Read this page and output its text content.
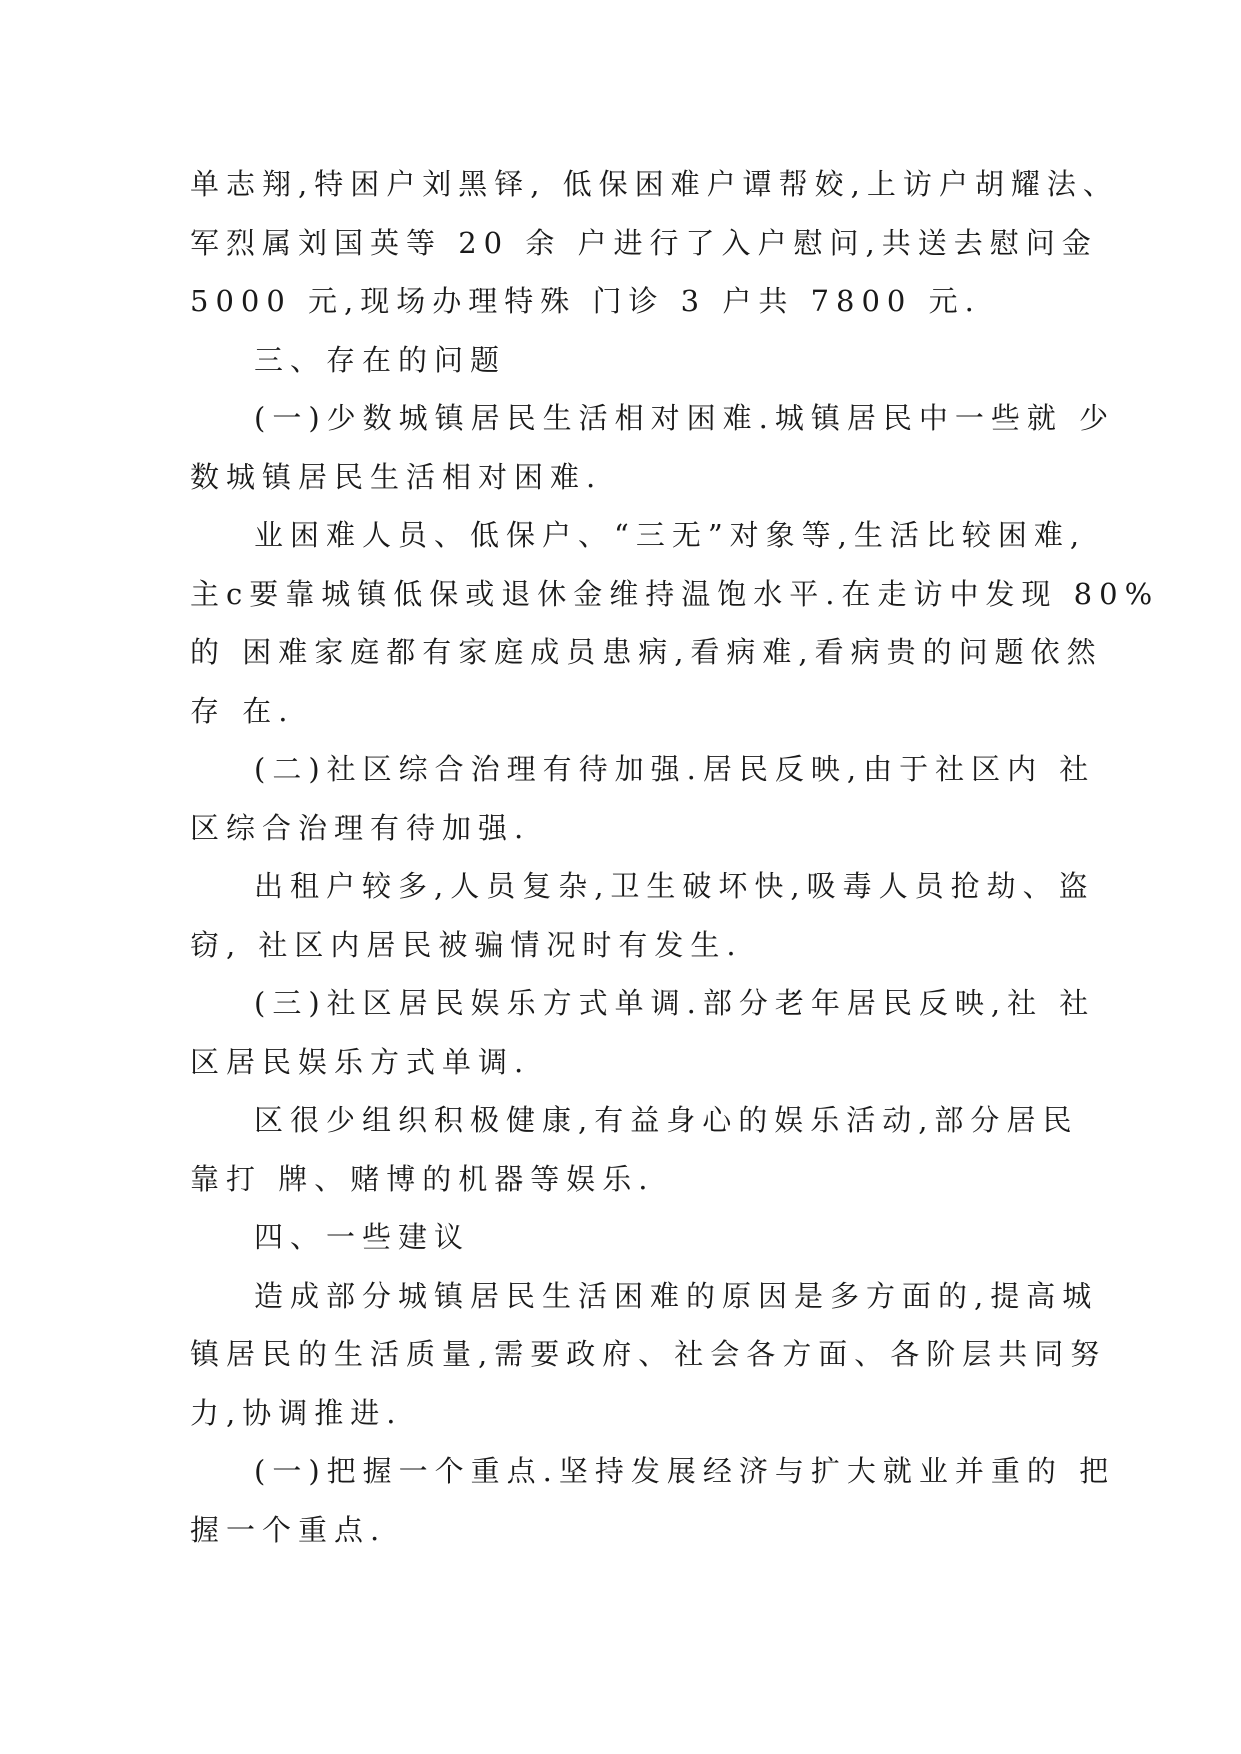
单志翔,特困户刘黑铎, 低保困难户谭帮姣,上访户胡耀法、
军烈属刘国英等 20 余 户进行了入户慰问,共送去慰问金
5000 元,现场办理特殊 门诊 3 户共 7800 元.
三、存在的问题
(一)少数城镇居民生活相对困难.城镇居民中一些就 少
数城镇居民生活相对困难.
业困难人员、低保户、“三无”对象等,生活比较困难,
主c要靠城镇低保或退休金维持温饱水平.在走访中发现 80%
的 困难家庭都有家庭成员患病,看病难,看病贵的问题依然
存 在.
(二)社区综合治理有待加强.居民反映,由于社区内 社
区综合治理有待加强.
出租户较多,人员复杂,卫生破坏快,吸毒人员抢劫、盗
窃, 社区内居民被骗情况时有发生.
(三)社区居民娱乐方式单调.部分老年居民反映,社 社
区居民娱乐方式单调.
区很少组织积极健康,有益身心的娱乐活动,部分居民
靠打 牌、赌博的机器等娱乐.
四、一些建议
造成部分城镇居民生活困难的原因是多方面的,提高城
镇居民的生活质量,需要政府、社会各方面、各阶层共同努
力,协调推进.
(一)把握一个重点.坚持发展经济与扩大就业并重的 把
握一个重点.
